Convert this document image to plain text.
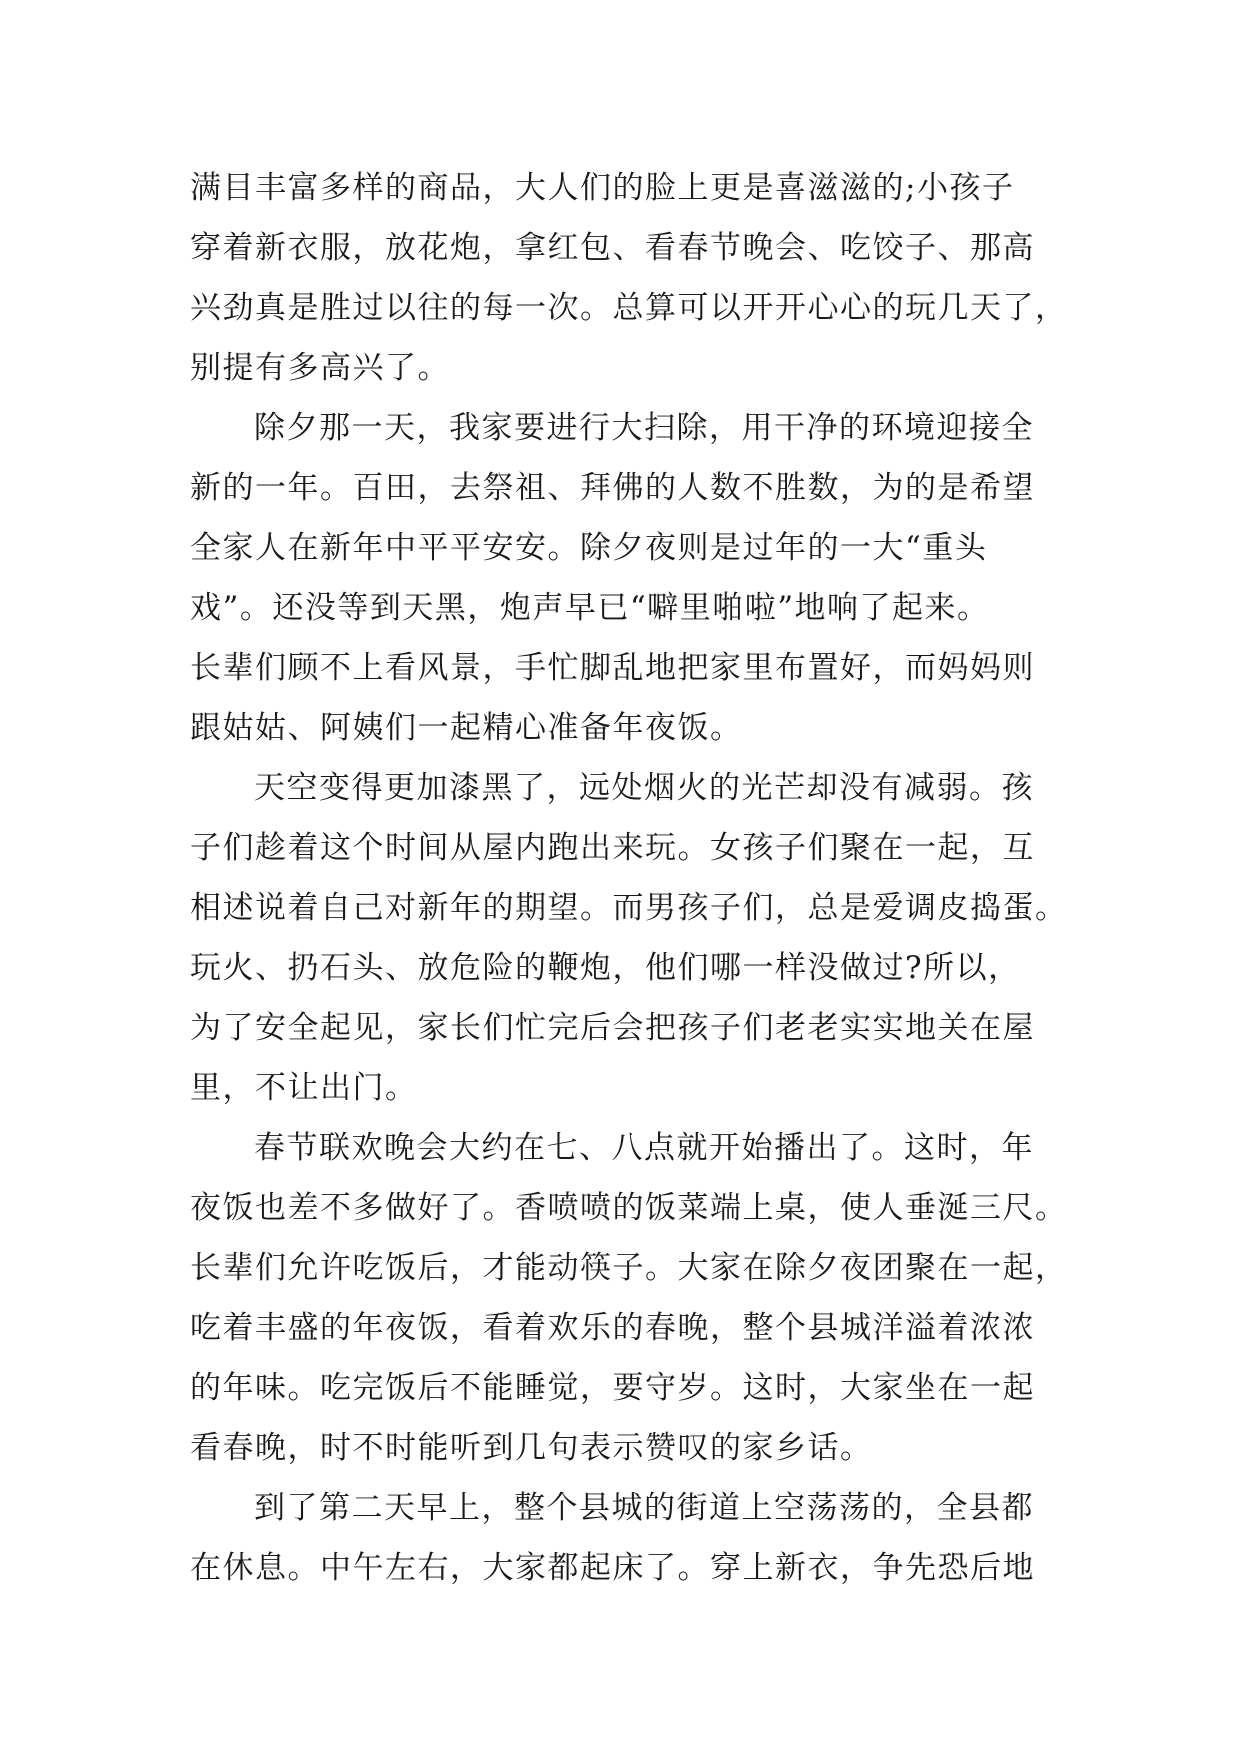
满目丰富多样的商品，大人们的脸上更是喜滋滋的;小孩子
穿着新衣服，放花炮，拿红包、看春节晚会、吃饺子、那高
兴劲真是胜过以往的每一次。总算可以开开心心的玩几天了，
别提有多高兴了。
除夕那一天，我家要进行大扫除，用干净的环境迎接全
新的一年。百田，去祭祖、拜佛的人数不胜数，为的是希望
全家人在新年中平平安安。除夕夜则是过年的一大“重头
戏”。还没等到天黑，炮声早已“噼里啪啦”地响了起来。
长辈们顾不上看风景，手忙脚乱地把家里布置好，而妈妈则
跟姑姑、阿姨们一起精心准备年夜饭。
天空变得更加漆黑了，远处烟火的光芒却没有减弱。孩
子们趁着这个时间从屋内跑出来玩。女孩子们聚在一起，互
相述说着自己对新年的期望。而男孩子们，总是爱调皮捣蛋。
玩火、扔石头、放危险的鞭炮，他们哪一样没做过?所以，
为了安全起见，家长们忙完后会把孩子们老老实实地关在屋
里，不让出门。
春节联欢晚会大约在七、八点就开始播出了。这时，年
夜饭也差不多做好了。香喷喷的饭菜端上桌，使人垂涎三尺。
长辈们允许吃饭后，才能动筷子。大家在除夕夜团聚在一起，
吃着丰盛的年夜饭，看着欢乐的春晚，整个县城洋溢着浓浓
的年味。吃完饭后不能睡觉，要守岁。这时，大家坐在一起
看春晚，时不时能听到几句表示赞叹的家乡话。
到了第二天早上，整个县城的街道上空荡荡的，全县都
在休息。中午左右，大家都起床了。穿上新衣，争先恐后地
